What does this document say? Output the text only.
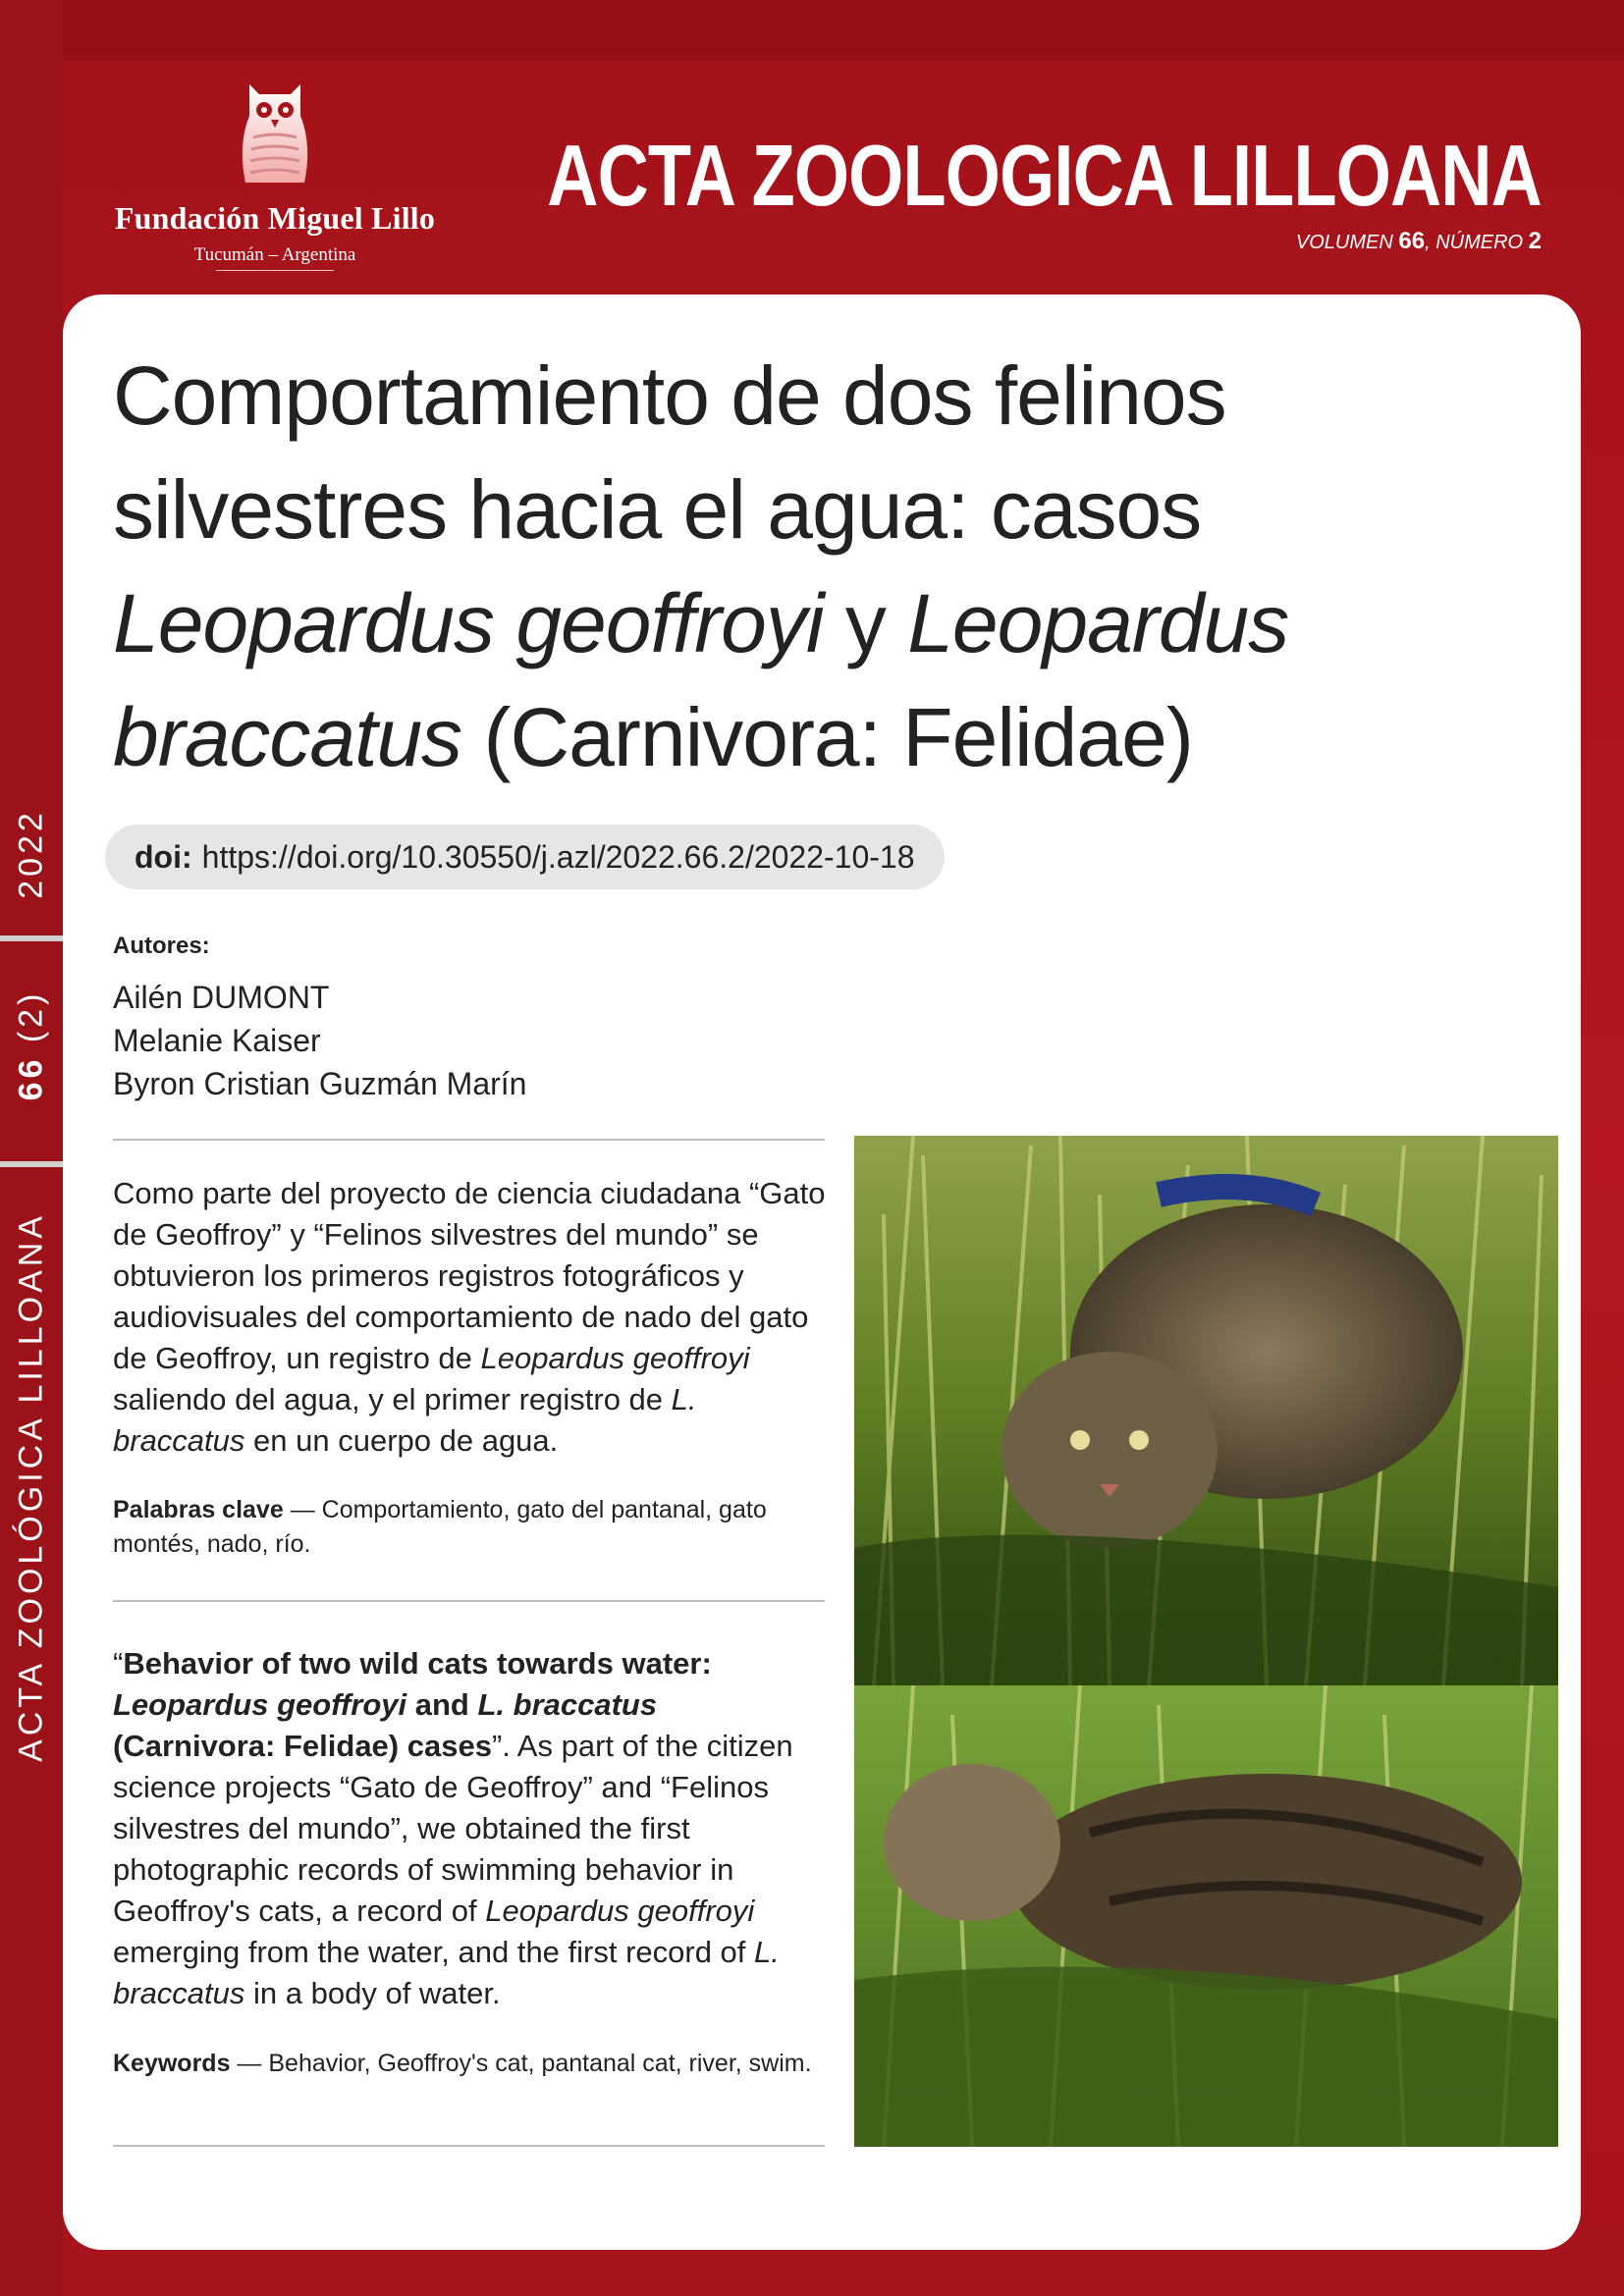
Fundación Miguel Lillo
Tucumán – Argentina
ACTA ZOOLOGICA LILLOANA
VOLUMEN 66, NÚMERO 2
2022
66 (2)
ACTA ZOOLÓGICA LILLOANA
Comportamiento de dos felinos
silvestres hacia el agua: casos
Leopardus geoffroyi y Leopardus
braccatus (Carnivora: Felidae)
doi: https://doi.org/10.30550/j.azl/2022.66.2/2022-10-18
Autores:
Ailén DUMONT
Melanie Kaiser
Byron Cristian Guzmán Marín

Como parte del proyecto de ciencia ciudadana “Gato de Geoffroy” y “Felinos silvestres del mundo” se obtuvieron los primeros registros fotográficos y audiovisuales del comportamiento de nado del gato de Geoffroy, un registro de Leopardus geoffroyi saliendo del agua, y el primer registro de L. braccatus en un cuerpo de agua.

Palabras clave — Comportamiento, gato del pantanal, gato montés, nado, río.

“Behavior of two wild cats towards water: Leopardus geoffroyi and L. braccatus
(Carnivora: Felidae) cases”. As part of the citizen science projects “Gato de Geoffroy” and “Felinos silvestres del mundo”, we obtained the first photographic records of swimming behavior in Geoffroy's cats, a record of Leopardus geoffroyi emerging from the water, and the first record of L. braccatus in a body of water.

Keywords — Behavior, Geoffroy's cat, pantanal cat, river, swim.
